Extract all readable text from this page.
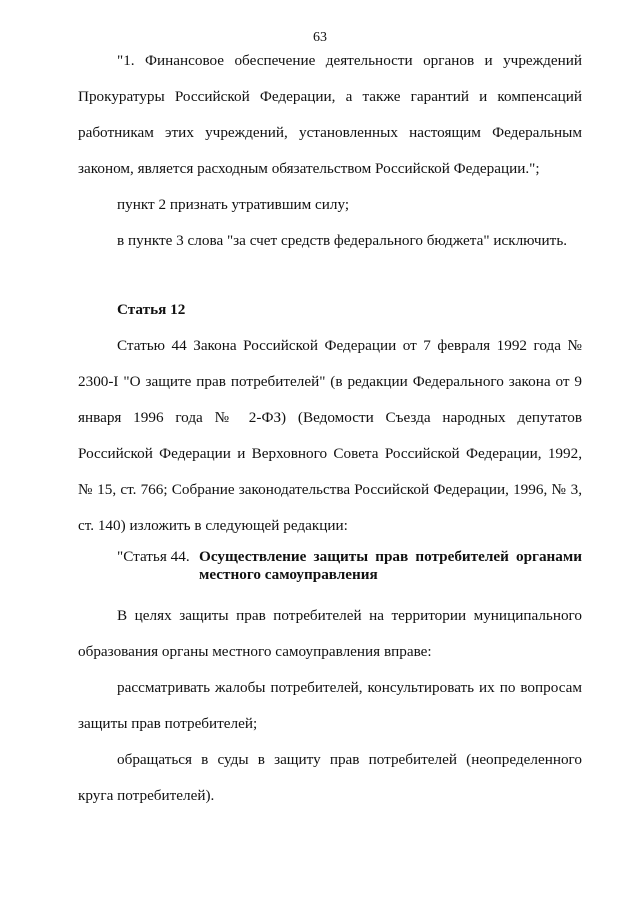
63

"1. Финансовое обеспечение деятельности органов и учреждений Прокуратуры Российской Федерации, а также гарантий и компенсаций работникам этих учреждений, установленных настоящим Федеральным законом, является расходным обязательством Российской Федерации.";

пункт 2 признать утратившим силу;

в пункте 3 слова "за счет средств федерального бюджета" исключить.

Статья 12

Статью 44 Закона Российской Федерации от 7 февраля 1992 года № 2300-I "О защите прав потребителей" (в редакции Федерального закона от 9 января 1996 года № 2-ФЗ) (Ведомости Съезда народных депутатов Российской Федерации и Верховного Совета Российской Федерации, 1992, № 15, ст. 766; Собрание законодательства Российской Федерации, 1996, № 3, ст. 140) изложить в следующей редакции:

"Статья 44. Осуществление защиты прав потребителей органами местного самоуправления

В целях защиты прав потребителей на территории муниципального образования органы местного самоуправления вправе:

рассматривать жалобы потребителей, консультировать их по вопросам защиты прав потребителей;

обращаться в суды в защиту прав потребителей (неопределенного круга потребителей).
